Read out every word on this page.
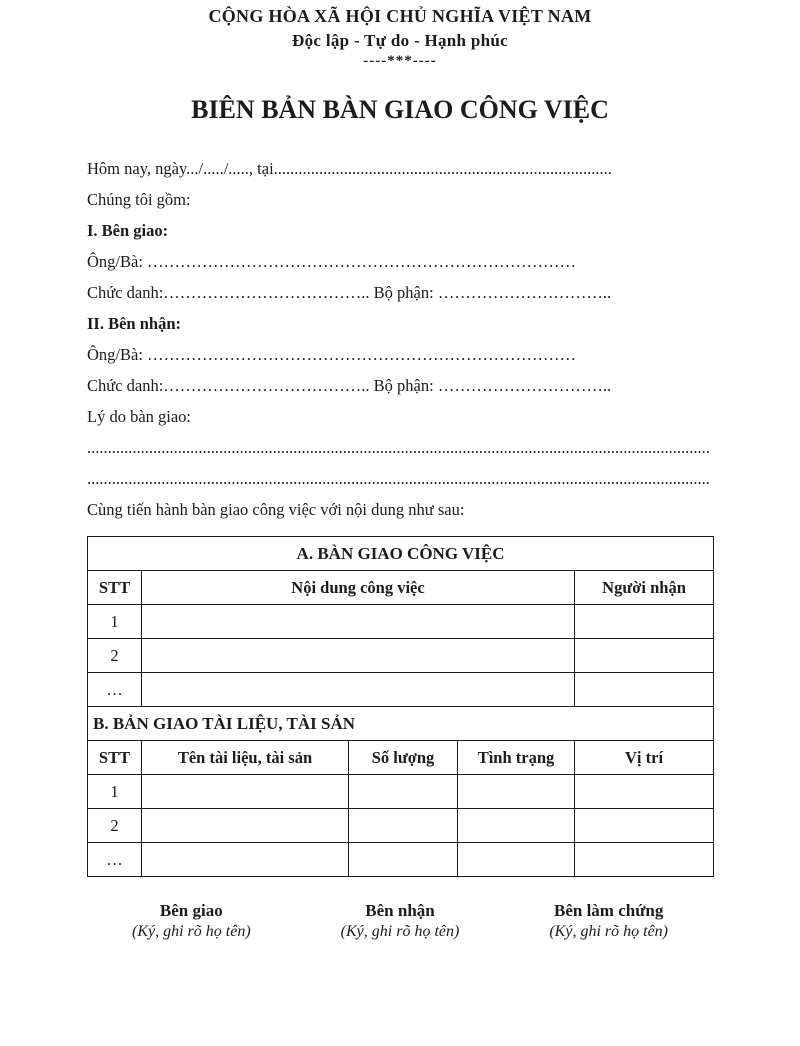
CỘNG HÒA XÃ HỘI CHỦ NGHĨA VIỆT NAM
Độc lập - Tự do - Hạnh phúc
----***----
BIÊN BẢN BÀN GIAO CÔNG VIỆC
Hôm nay, ngày.../...../....., tại..................................................................................
Chúng tôi gồm:
I. Bên giao:
Ông/Bà: ……………………………………………………………………
Chức danh:……………………………….. Bộ phận: …………………………..
II. Bên nhận:
Ông/Bà: ……………………………………………………………………
Chức danh:……………………………….. Bộ phận: …………………………..
Lý do bàn giao:
.......................................................................................................................................................
.......................................................................................................................................................
Cùng tiến hành bàn giao công việc với nội dung như sau:
A. BÀN GIAO CÔNG VIỆC				
STT	Nội dung công việc			Người nhận
1				
2				
…				
B. BẢN GIAO TÀI LIỆU, TÀI SẢN				
STT	Tên tài liệu, tài sản	Số lượng	Tình trạng	Vị trí
1				
2				
…				
Bên giao
(Ký, ghi rõ họ tên)
Bên nhận
(Ký, ghi rõ họ tên)
Bên làm chứng
(Ký, ghi rõ họ tên)
